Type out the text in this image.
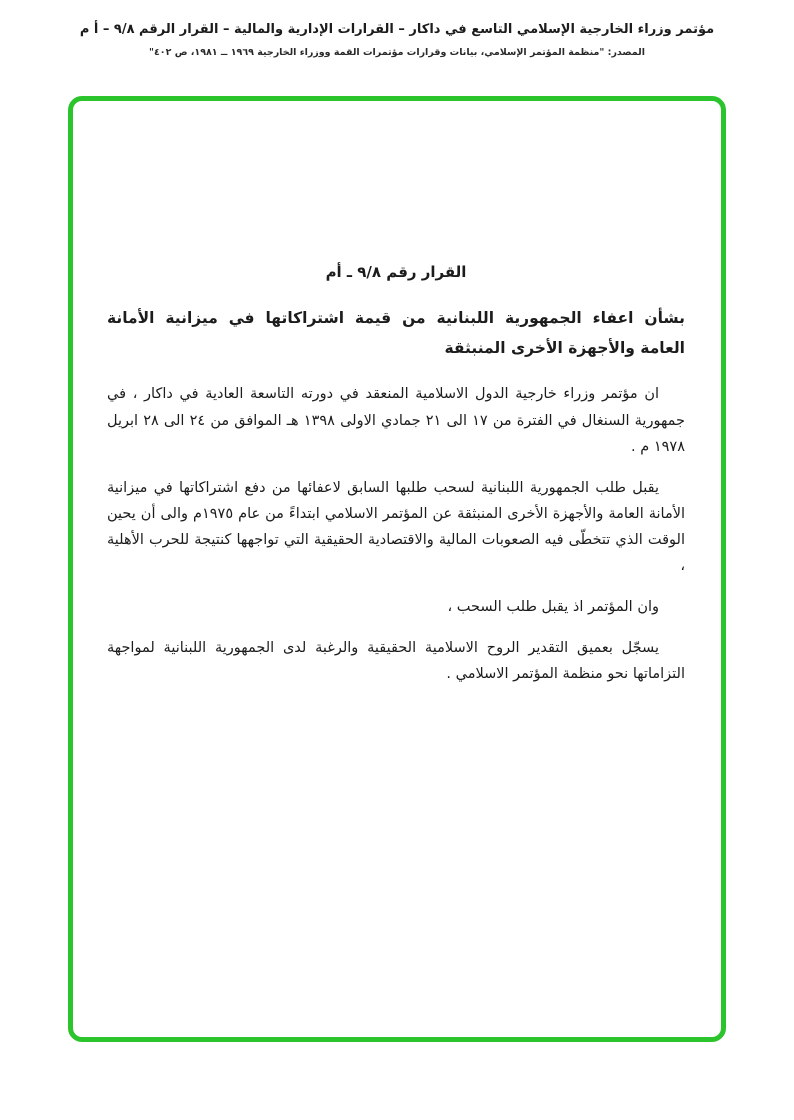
مؤتمر وزراء الخارجية الإسلامي التاسع في داكار – القرارات الإدارية والمالية – القرار الرقم ٩/٨ – أ م
المصدر: "منظمة المؤتمر الإسلامي، بيانات وقرارات مؤتمرات القمة ووزراء الخارجية ١٩٦٩ ــ ١٩٨١، ص ٤٠٢"
القرار رقم ٩/٨ ـ أم
بشأن اعفاء الجمهورية اللبنانية من قيمة اشتراكاتها في ميزانية الأمانة العامة والأجهزة الأخرى المنبثقة

ان مؤتمر وزراء خارجية الدول الاسلامية المنعقد في دورته التاسعة العادية في داكار ، في جمهورية السنغال في الفترة من ١٧ الى ٢١ جمادي الاولى ١٣٩٨ هـ الموافق من ٢٤ الى ٢٨ ابريل ١٩٧٨ م .

يقبل طلب الجمهورية اللبنانية لسحب طلبها السابق لاعفائها من دفع اشتراكاتها في ميزانية الأمانة العامة والأجهزة الأخرى المنبثقة عن المؤتمر الاسلامي ابتداءً من عام ١٩٧٥م والى أن يحين الوقت الذي تتخطّى فيه الصعوبات المالية والاقتصادية الحقيقية التي تواجهها كنتيجة للحرب الأهلية ،

وان المؤتمر اذ يقبل طلب السحب ،

يسجّل بعميق التقدير الروح الاسلامية الحقيقية والرغبة لدى الجمهورية اللبنانية لمواجهة التزاماتها نحو منظمة المؤتمر الاسلامي .
